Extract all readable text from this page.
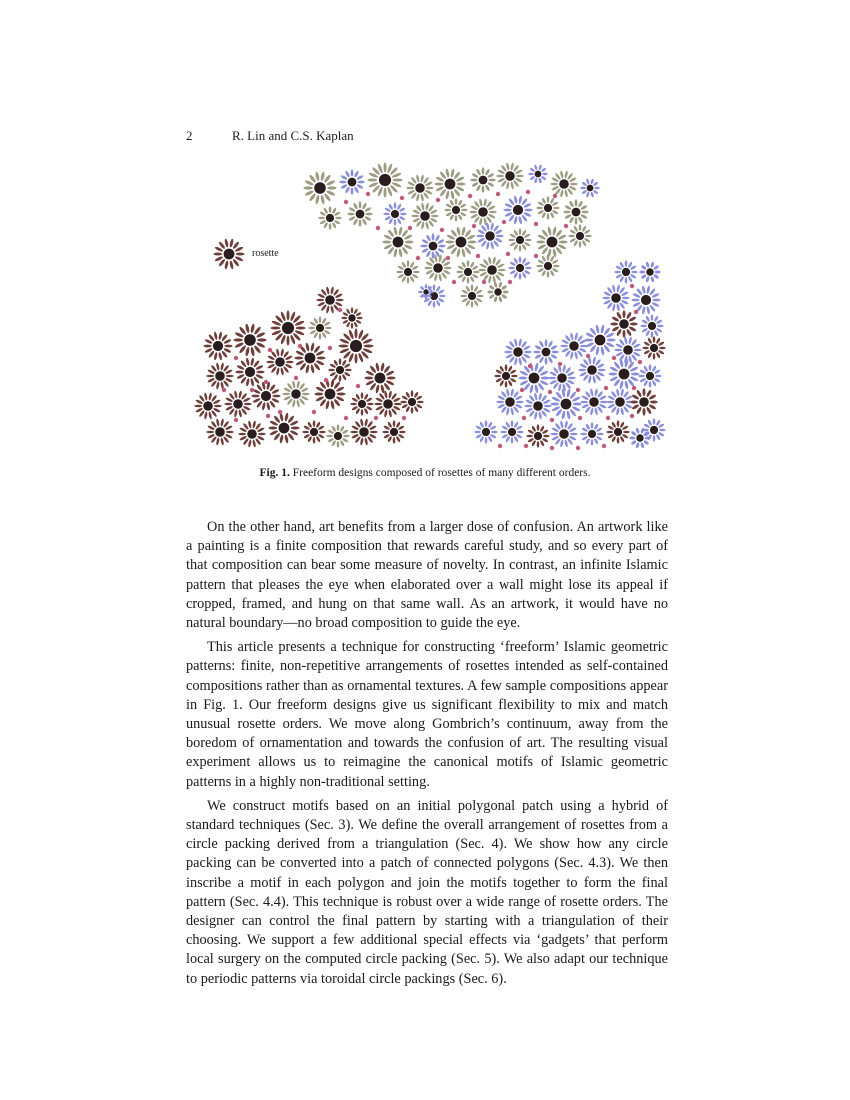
2	R. Lin and C.S. Kaplan
rosette
Fig. 1. Freeform designs composed of rosettes of many different orders.

On the other hand, art benefits from a larger dose of confusion. An artwork like a painting is a finite composition that rewards careful study, and so every part of that composition can bear some measure of novelty. In contrast, an infinite Islamic pattern that pleases the eye when elaborated over a wall might lose its appeal if cropped, framed, and hung on that same wall. As an artwork, it would have no natural boundary—no broad composition to guide the eye.

This article presents a technique for constructing ‘freeform’ Islamic geometric patterns: finite, non-repetitive arrangements of rosettes intended as self-contained compositions rather than as ornamental textures. A few sample compositions appear in Fig. 1. Our freeform designs give us significant flexibility to mix and match unusual rosette orders. We move along Gombrich’s continuum, away from the boredom of ornamentation and towards the confusion of art. The resulting visual experiment allows us to reimagine the canonical motifs of Islamic geometric patterns in a highly non-traditional setting.

We construct motifs based on an initial polygonal patch using a hybrid of standard techniques (Sec. 3). We define the overall arrangement of rosettes from a circle packing derived from a triangulation (Sec. 4). We show how any circle packing can be converted into a patch of connected polygons (Sec. 4.3). We then inscribe a motif in each polygon and join the motifs together to form the final pattern (Sec. 4.4). This technique is robust over a wide range of rosette orders. The designer can control the final pattern by starting with a triangulation of their choosing. We support a few additional special effects via ‘gadgets’ that perform local surgery on the computed circle packing (Sec. 5). We also adapt our technique to periodic patterns via toroidal circle packings (Sec. 6).
